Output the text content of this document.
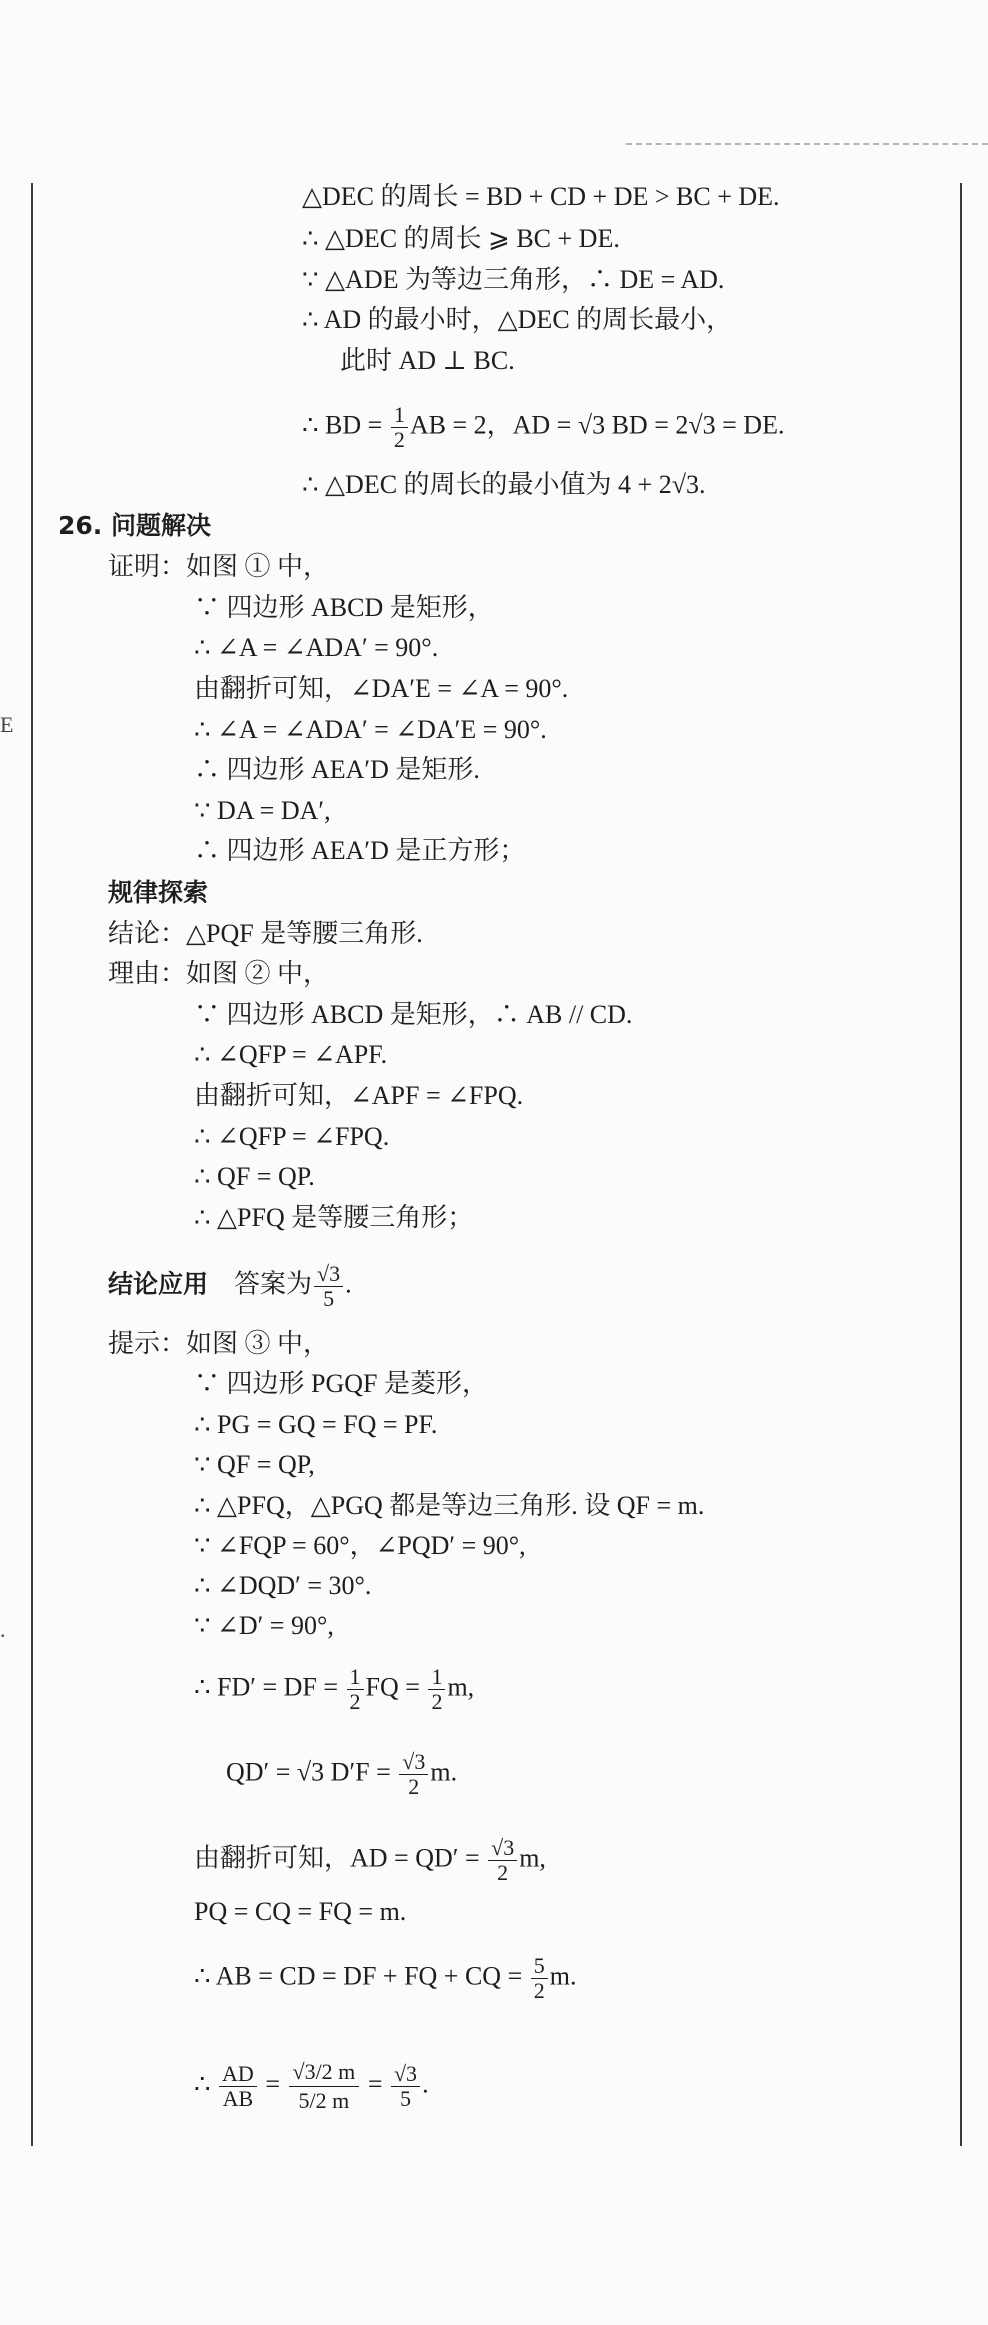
E
.
△DEC 的周长 = BD + CD + DE > BC + DE.
∴ △DEC 的周长 ⩾ BC + DE.
∵ △ADE 为等边三角形，∴ DE = AD.
∴ AD 的最小时，△DEC 的周长最小，
此时 AD ⊥ BC.
∴ BD = $\frac{1}{2}$ AB = 2，AD = √3 BD = 2√3 = DE.
∴ △DEC 的周长的最小值为 4 + 2√3.
26. 问题解决
证明：如图 ① 中，
∵ 四边形 ABCD 是矩形，
∴ ∠A = ∠ADA′ = 90°.
由翻折可知，∠DA′E = ∠A = 90°.
∴ ∠A = ∠ADA′ = ∠DA′E = 90°.
∴ 四边形 AEA′D 是矩形.
∵ DA = DA′,
∴ 四边形 AEA′D 是正方形；
规律探索
结论：△PQF 是等腰三角形.
理由：如图 ② 中，
∵ 四边形 ABCD 是矩形，∴ AB // CD.
∴ ∠QFP = ∠APF.
由翻折可知，∠APF = ∠FPQ.
∴ ∠QFP = ∠FPQ.
∴ QF = QP.
∴ △PFQ 是等腰三角形；
结论应用 答案为 $\frac{√3}{5}$ .
提示：如图 ③ 中，
∵ 四边形 PGQF 是菱形，
∴ PG = GQ = FQ = PF.
∵ QF = QP,
∴ △PFQ，△PGQ 都是等边三角形. 设 QF = m.
∵ ∠FQP = 60°，∠PQD′ = 90°,
∴ ∠DQD′ = 30°.
∵ ∠D′ = 90°,
∴ FD′ = DF = $\frac{1}{2}$ FQ = $\frac{1}{2} m$,
QD′ = √3 $D'F = \frac{√3}{2} m$.
由翻折可知，AD = $QD' = \frac{√3}{2} m$,
PQ = CQ = FQ = m.
∴ AB = CD = DF + FQ + CQ = $\frac{5}{2} m$.
∴ $\frac{AD}{AB} = \frac{√3/2 m}{5/2 m} = \frac{√3}{5}$ .
